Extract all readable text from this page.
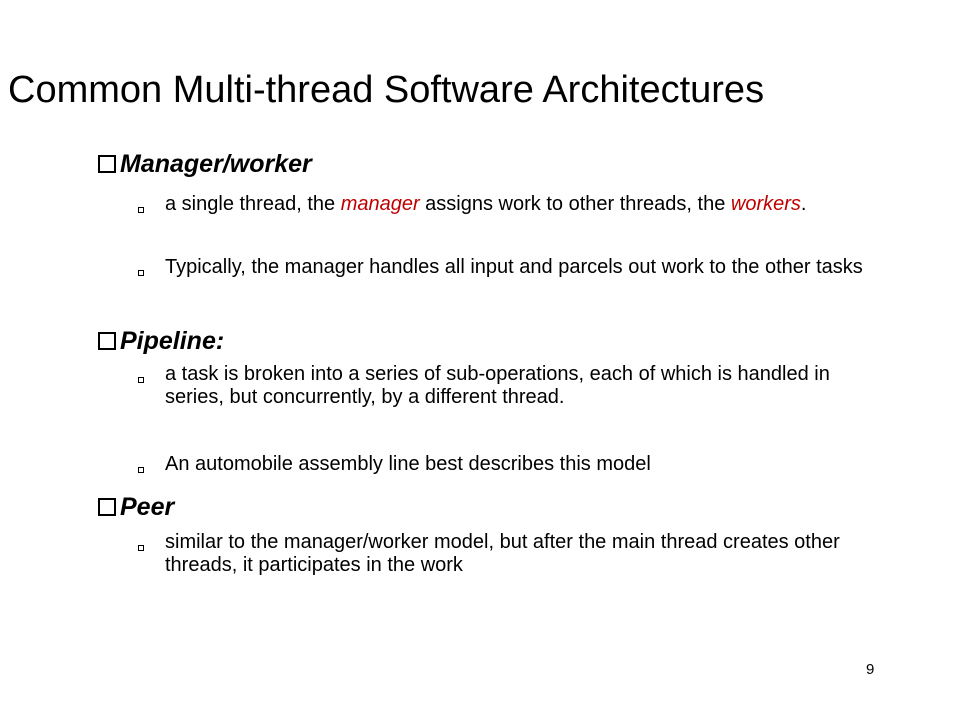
Common Multi-thread Software Architectures
Manager/worker
a single thread, the manager assigns work to other threads, the workers.
Typically, the manager handles all input and parcels out work to the other tasks
Pipeline:
a task is broken into a series of sub-operations, each of which is handled in series, but concurrently, by a different thread.
An automobile assembly line best describes this model
Peer
similar to the manager/worker model, but after the main thread creates other threads, it participates in the work
9
